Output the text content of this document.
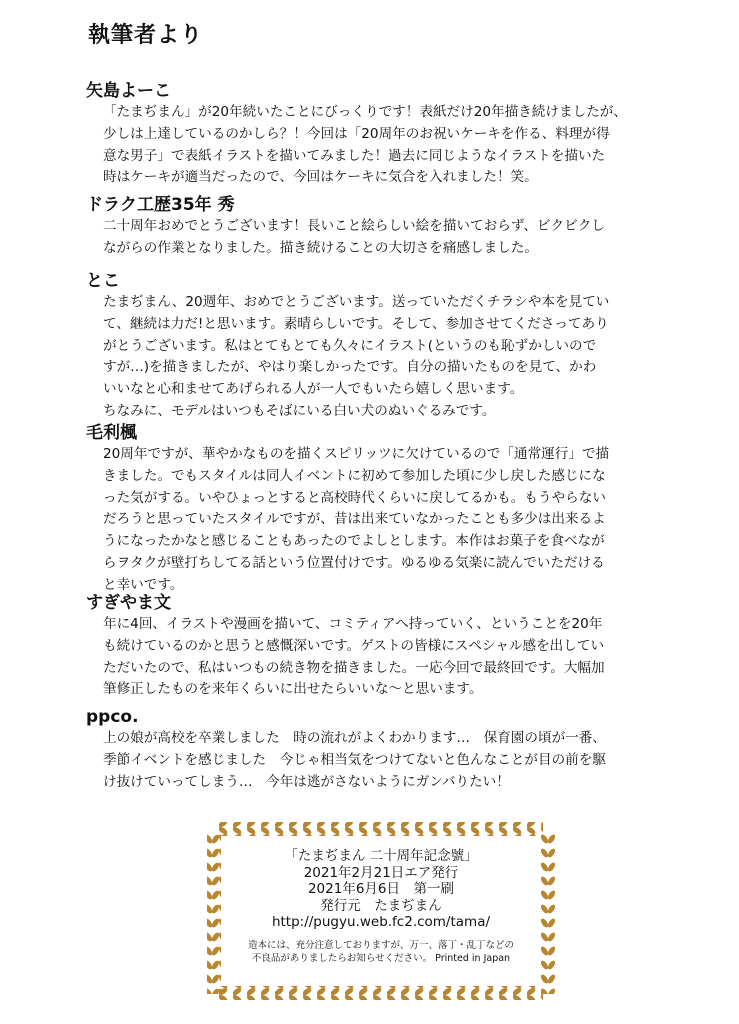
執筆者より
矢島よーこ
「たまぢまん」が20年続いたことにびっくりです！表紙だけ20年描き続けましたが、
少しは上達しているのかしら？！今回は「20周年のお祝いケーキを作る、料理が得
意な男子」で表紙イラストを描いてみました！過去に同じようなイラストを描いた
時はケーキが適当だったので、今回はケーキに気合を入れました！笑。
ドラク工歴35年 秀
二十周年おめでとうございます！長いこと絵らしい絵を描いておらず、ビクビクし
ながらの作業となりました。描き続けることの大切さを痛感しました。
とこ
たまぢまん、20週年、おめでとうございます。送っていただくチラシや本を見てい
て、継続は力だ!と思います。素晴らしいです。そして、参加させてくださってあり
がとうございます。私はとてもとても久々にイラスト(というのも恥ずかしいので
すが…)を描きましたが、やはり楽しかったです。自分の描いたものを見て、かわ
いいなと心和ませてあげられる人が一人でもいたら嬉しく思います。
ちなみに、モデルはいつもそばにいる白い犬のぬいぐるみです。
毛利楓
20周年ですが、華やかなものを描くスピリッツに欠けているので「通常運行」で描
きました。でもスタイルは同人イベントに初めて参加した頃に少し戻した感じにな
った気がする。いやひょっとすると高校時代くらいに戻してるかも。もうやらない
だろうと思っていたスタイルですが、昔は出来ていなかったことも多少は出来るよ
うになったかなと感じることもあったのでよしとします。本作はお菓子を食べなが
らヲタクが壁打ちしてる話という位置付けです。ゆるゆる気楽に読んでいただける
と幸いです。
すぎやま文
年に4回、イラストや漫画を描いて、コミティアへ持っていく、ということを20年
も続けているのかと思うと感慨深いです。ゲストの皆様にスペシャル感を出してい
ただいたので、私はいつもの続き物を描きました。一応今回で最終回です。大幅加
筆修正したものを来年くらいに出せたらいいな～と思います。
ppco.
上の娘が高校を卒業しました　時の流れがよくわかります…　保育園の頃が一番、
季節イベントを感じました　今じゃ相当気をつけてないと色んなことが目の前を駆
け抜けていってしまう…　今年は逃がさないようにガンバりたい！
「たまぢまん 二十周年記念號」
2021年2月21日エア発行
2021年6月6日　第一刷
発行元　たまぢまん
http://pugyu.web.fc2.com/tama/
造本には、充分注意しておりますが、万一、落丁・乱丁などの
不良品がありましたらお知らせください。 Printed in Japan
